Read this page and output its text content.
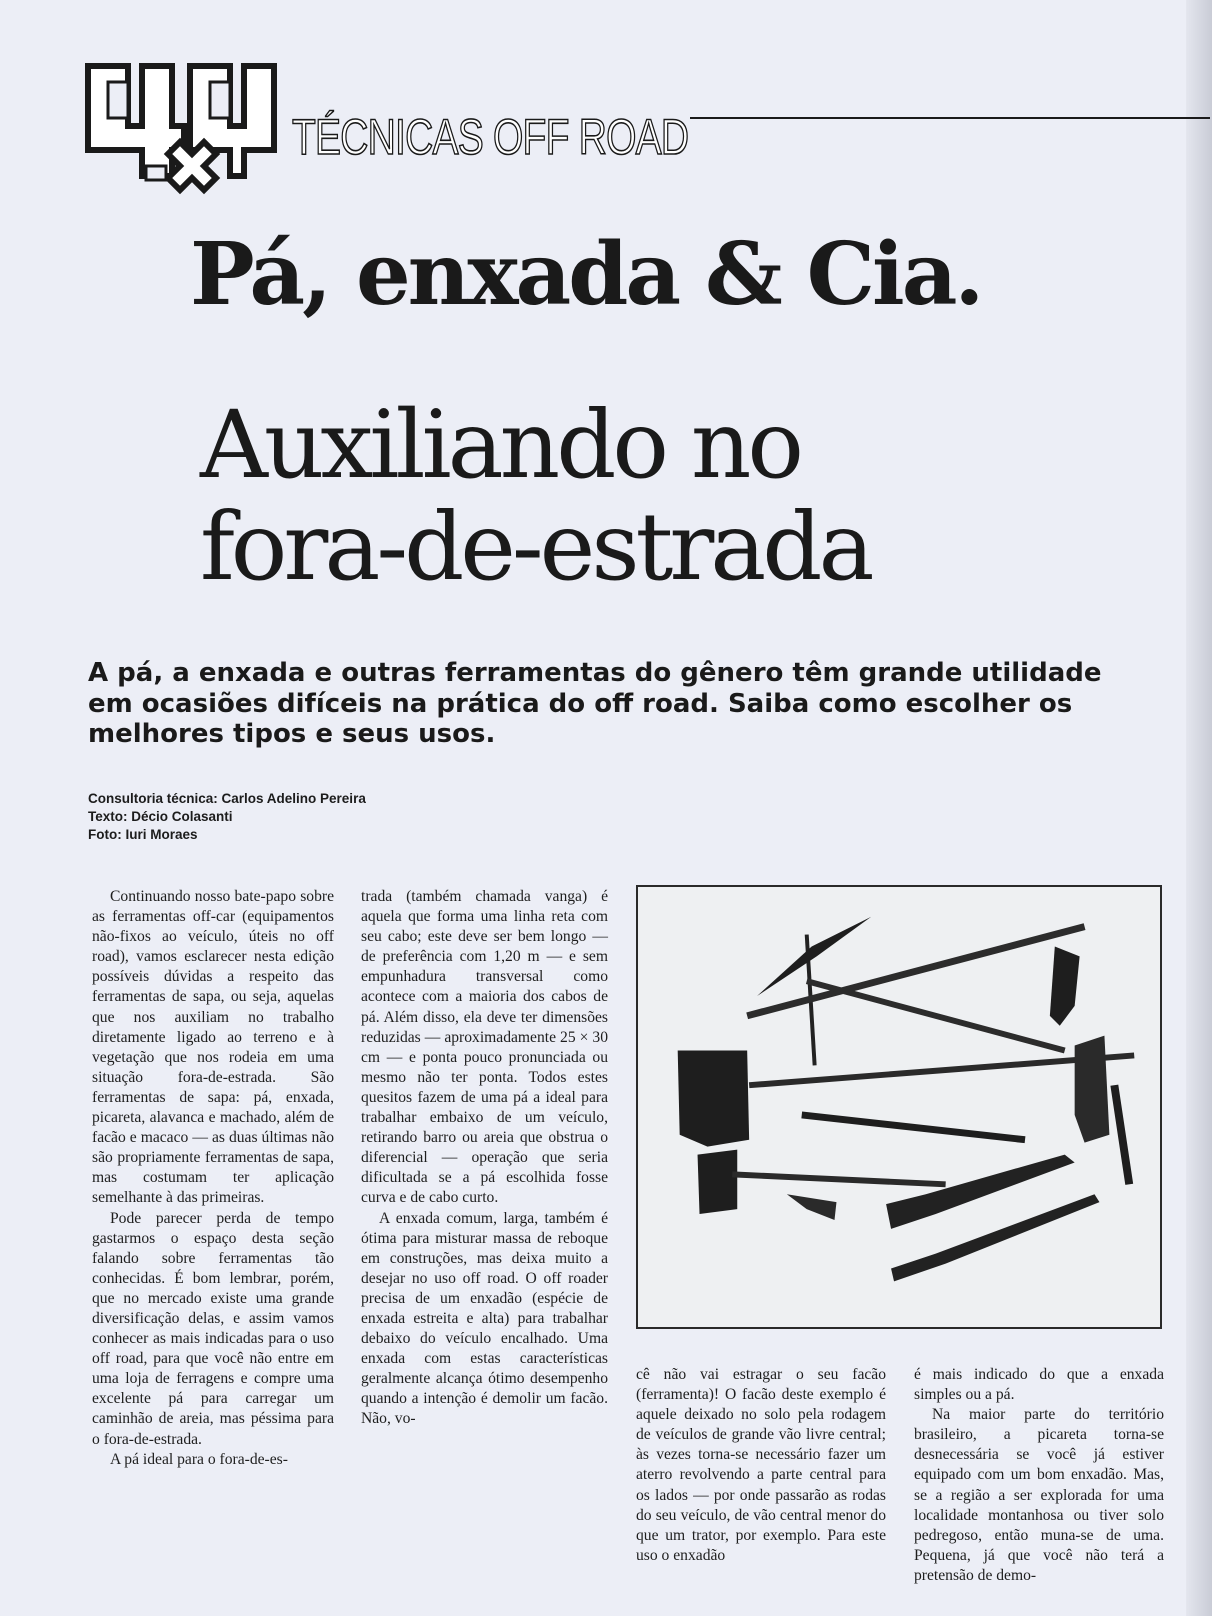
TÉCNICAS OFF ROAD
Pá, enxada & Cia.
Auxiliando no
fora-de-estrada
A pá, a enxada e outras ferramentas do gênero têm grande utilidade em ocasiões difíceis na prática do off road. Saiba como escolher os melhores tipos e seus usos.
Consultoria técnica: Carlos Adelino Pereira
Texto: Décio Colasanti
Foto: Iuri Moraes

Continuando nosso bate-papo sobre as ferramentas off-car (equipamentos não-fixos ao veículo, úteis no off road), vamos esclarecer nesta edição possíveis dúvidas a respeito das ferramentas de sapa, ou seja, aquelas que nos auxiliam no trabalho diretamente ligado ao terreno e à vegetação que nos rodeia em uma situação fora-de-estrada. São ferramentas de sapa: pá, enxada, picareta, alavanca e machado, além de facão e macaco — as duas últimas não são propriamente ferramentas de sapa, mas costumam ter aplicação semelhante à das primeiras.

Pode parecer perda de tempo gastarmos o espaço desta seção falando sobre ferramentas tão conhecidas. É bom lembrar, porém, que no mercado existe uma grande diversificação delas, e assim vamos conhecer as mais indicadas para o uso off road, para que você não entre em uma loja de ferragens e compre uma excelente pá para carregar um caminhão de areia, mas péssima para o fora-de-estrada.

A pá ideal para o fora-de-es-

trada (também chamada vanga) é aquela que forma uma linha reta com seu cabo; este deve ser bem longo — de preferência com 1,20 m — e sem empunhadura transversal como acontece com a maioria dos cabos de pá. Além disso, ela deve ter dimensões reduzidas — aproximadamente 25 × 30 cm — e ponta pouco pronunciada ou mesmo não ter ponta. Todos estes quesitos fazem de uma pá a ideal para trabalhar embaixo de um veículo, retirando barro ou areia que obstrua o diferencial — operação que seria dificultada se a pá escolhida fosse curva e de cabo curto.

A enxada comum, larga, também é ótima para misturar massa de reboque em construções, mas deixa muito a desejar no uso off road. O off roader precisa de um enxadão (espécie de enxada estreita e alta) para trabalhar debaixo do veículo encalhado. Uma enxada com estas características geralmente alcança ótimo desempenho quando a intenção é demolir um facão. Não, vo-

cê não vai estragar o seu facão (ferramenta)! O facão deste exemplo é aquele deixado no solo pela rodagem de veículos de grande vão livre central; às vezes torna-se necessário fazer um aterro revolvendo a parte central para os lados — por onde passarão as rodas do seu veículo, de vão central menor do que um trator, por exemplo. Para este uso o enxadão

é mais indicado do que a enxada simples ou a pá.

Na maior parte do território brasileiro, a picareta torna-se desnecessária se você já estiver equipado com um bom enxadão. Mas, se a região a ser explorada for uma localidade montanhosa ou tiver solo pedregoso, então muna-se de uma. Pequena, já que você não terá a pretensão de demo-
